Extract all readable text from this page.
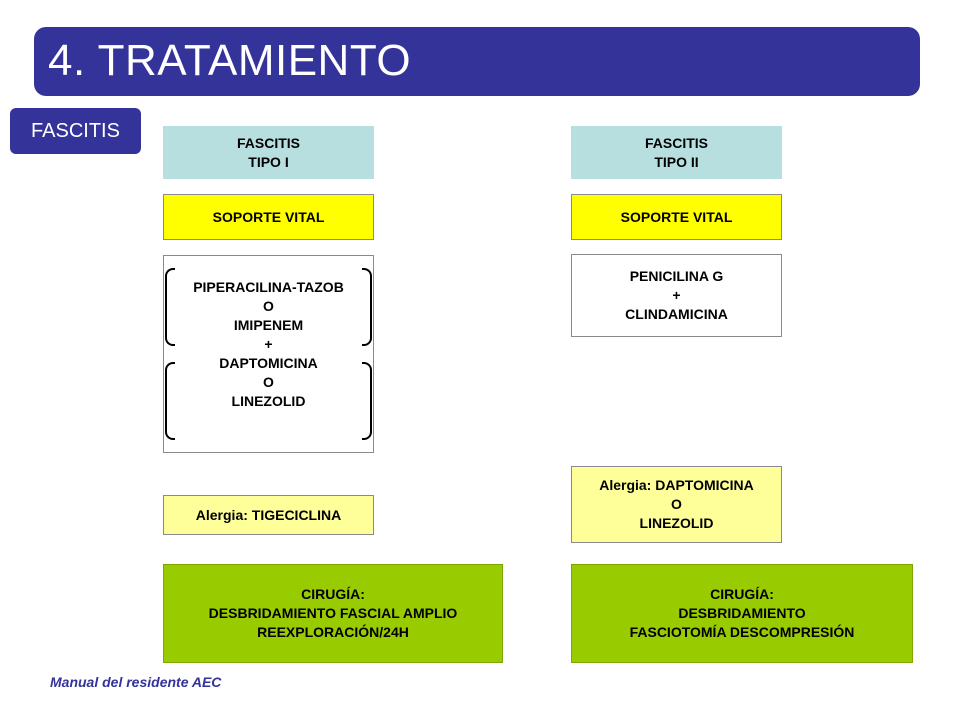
4. TRATAMIENTO
FASCITIS
FASCITIS
TIPO I
SOPORTE VITAL
PIPERACILINA-TAZOB
O
IMIPENEM
+
DAPTOMICINA
O
LINEZOLID
Alergia: TIGECICLINA
CIRUGÍA:
DESBRIDAMIENTO FASCIAL AMPLIO
REEXPLORACIÓN/24H
FASCITIS
TIPO II
SOPORTE VITAL
PENICILINA G
+
CLINDAMICINA
Alergia: DAPTOMICINA
O
LINEZOLID
CIRUGÍA:
DESBRIDAMIENTO
FASCIOTOMÍA DESCOMPRESIÓN
Manual del residente AEC
